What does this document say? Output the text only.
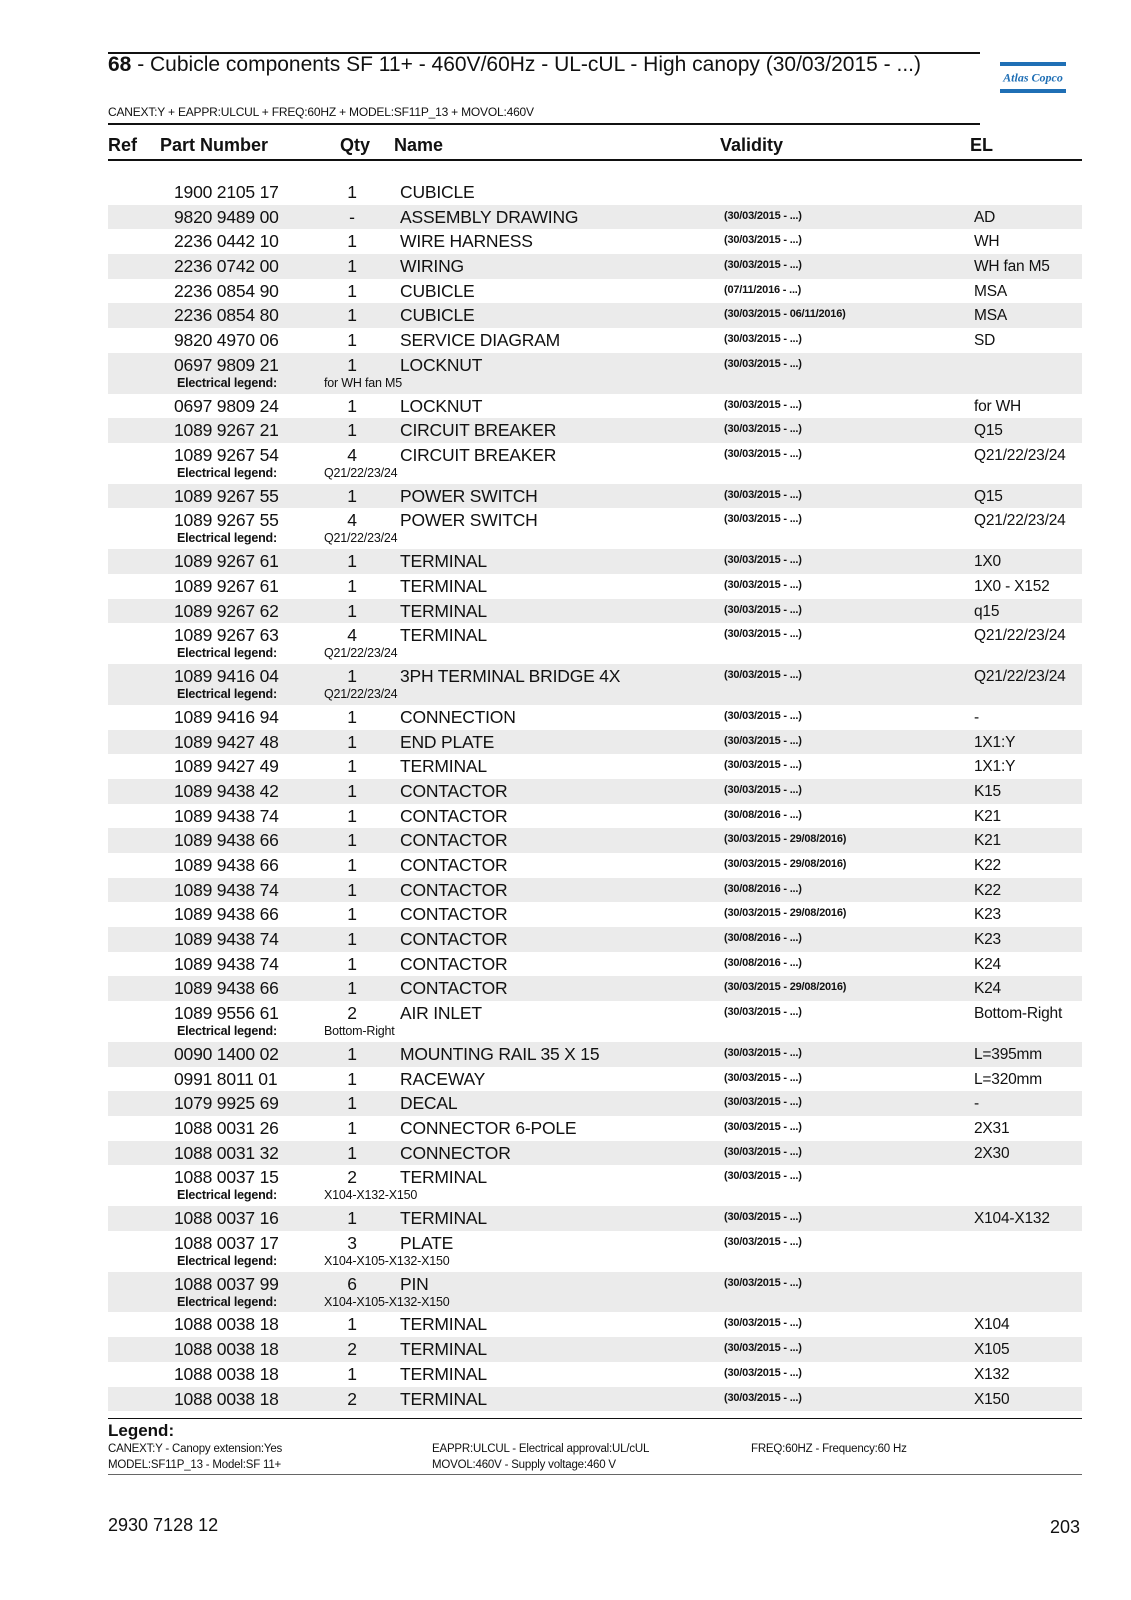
68 - Cubicle components SF 11+ - 460V/60Hz - UL-cUL - High canopy (30/03/2015 - ...)
CANEXT:Y + EAPPR:ULCUL + FREQ:60HZ + MODEL:SF11P_13 + MOVOL:460V
Atlas Copco
Ref Part Number	Qty Name	Validity	EL
1900 2105 17	1 CUBICLE
9820 9489 00	-	ASSEMBLY DRAWING	(30/03/2015 - ...)	AD
2236 0442 10	1 WIRE HARNESS	(30/03/2015 - ...)	WH
2236 0742 00	1 WIRING	(30/03/2015 - ...)	WH fan M5
2236 0854 90	1 CUBICLE	(07/11/2016 - ...)	MSA
2236 0854 80	1 CUBICLE	(30/03/2015 - 06/11/2016)	MSA
9820 4970 06	1 SERVICE DIAGRAM	(30/03/2015 - ...)	SD
0697 9809 21	1 LOCKNUT	(30/03/2015 - ...)
Electrical legend:	for WH fan M5
0697 9809 24	1 LOCKNUT	(30/03/2015 - ...)	for WH
1089 9267 21	1 CIRCUIT BREAKER	(30/03/2015 - ...)	Q15
1089 9267 54	4 CIRCUIT BREAKER	(30/03/2015 - ...)	Q21/22/23/24
Electrical legend:	Q21/22/23/24
1089 9267 55	1 POWER SWITCH	(30/03/2015 - ...)	Q15
1089 9267 55	4 POWER SWITCH	(30/03/2015 - ...)	Q21/22/23/24
Electrical legend:	Q21/22/23/24
1089 9267 61	1 TERMINAL	(30/03/2015 - ...)	1X0
1089 9267 61	1 TERMINAL	(30/03/2015 - ...)	1X0 - X152
1089 9267 62	1 TERMINAL	(30/03/2015 - ...)	q15
1089 9267 63	4 TERMINAL	(30/03/2015 - ...)	Q21/22/23/24
Electrical legend:	Q21/22/23/24
1089 9416 04	1 3PH TERMINAL BRIDGE 4X	(30/03/2015 - ...)	Q21/22/23/24
Electrical legend:	Q21/22/23/24
1089 9416 94	1 CONNECTION	(30/03/2015 - ...)	-
1089 9427 48	1 END PLATE	(30/03/2015 - ...)	1X1:Y
1089 9427 49	1 TERMINAL	(30/03/2015 - ...)	1X1:Y
1089 9438 42	1 CONTACTOR	(30/03/2015 - ...)	K15
1089 9438 74	1 CONTACTOR	(30/08/2016 - ...)	K21
1089 9438 66	1 CONTACTOR	(30/03/2015 - 29/08/2016)	K21
1089 9438 66	1 CONTACTOR	(30/03/2015 - 29/08/2016)	K22
1089 9438 74	1 CONTACTOR	(30/08/2016 - ...)	K22
1089 9438 66	1 CONTACTOR	(30/03/2015 - 29/08/2016)	K23
1089 9438 74	1 CONTACTOR	(30/08/2016 - ...)	K23
1089 9438 74	1 CONTACTOR	(30/08/2016 - ...)	K24
1089 9438 66	1 CONTACTOR	(30/03/2015 - 29/08/2016)	K24
1089 9556 61	2 AIR INLET	(30/03/2015 - ...)	Bottom-Right
Electrical legend:	Bottom-Right
0090 1400 02	1 MOUNTING RAIL 35 X 15	(30/03/2015 - ...)	L=395mm
0991 8011 01	1 RACEWAY	(30/03/2015 - ...)	L=320mm
1079 9925 69	1 DECAL	(30/03/2015 - ...)	-
1088 0031 26	1 CONNECTOR 6-POLE	(30/03/2015 - ...)	2X31
1088 0031 32	1 CONNECTOR	(30/03/2015 - ...)	2X30
1088 0037 15	2 TERMINAL	(30/03/2015 - ...)
Electrical legend:	X104-X132-X150
1088 0037 16	1 TERMINAL	(30/03/2015 - ...)	X104-X132
1088 0037 17	3 PLATE	(30/03/2015 - ...)
Electrical legend:	X104-X105-X132-X150
1088 0037 99	6 PIN	(30/03/2015 - ...)
Electrical legend:	X104-X105-X132-X150
1088 0038 18	1 TERMINAL	(30/03/2015 - ...)	X104
1088 0038 18	2 TERMINAL	(30/03/2015 - ...)	X105
1088 0038 18	1 TERMINAL	(30/03/2015 - ...)	X132
1088 0038 18	2 TERMINAL	(30/03/2015 - ...)	X150
Legend:
CANEXT:Y - Canopy extension:Yes	EAPPR:ULCUL - Electrical approval:UL/cUL	FREQ:60HZ - Frequency:60 Hz
MODEL:SF11P_13 - Model:SF 11+	MOVOL:460V - Supply voltage:460 V
2930 7128 12	203
